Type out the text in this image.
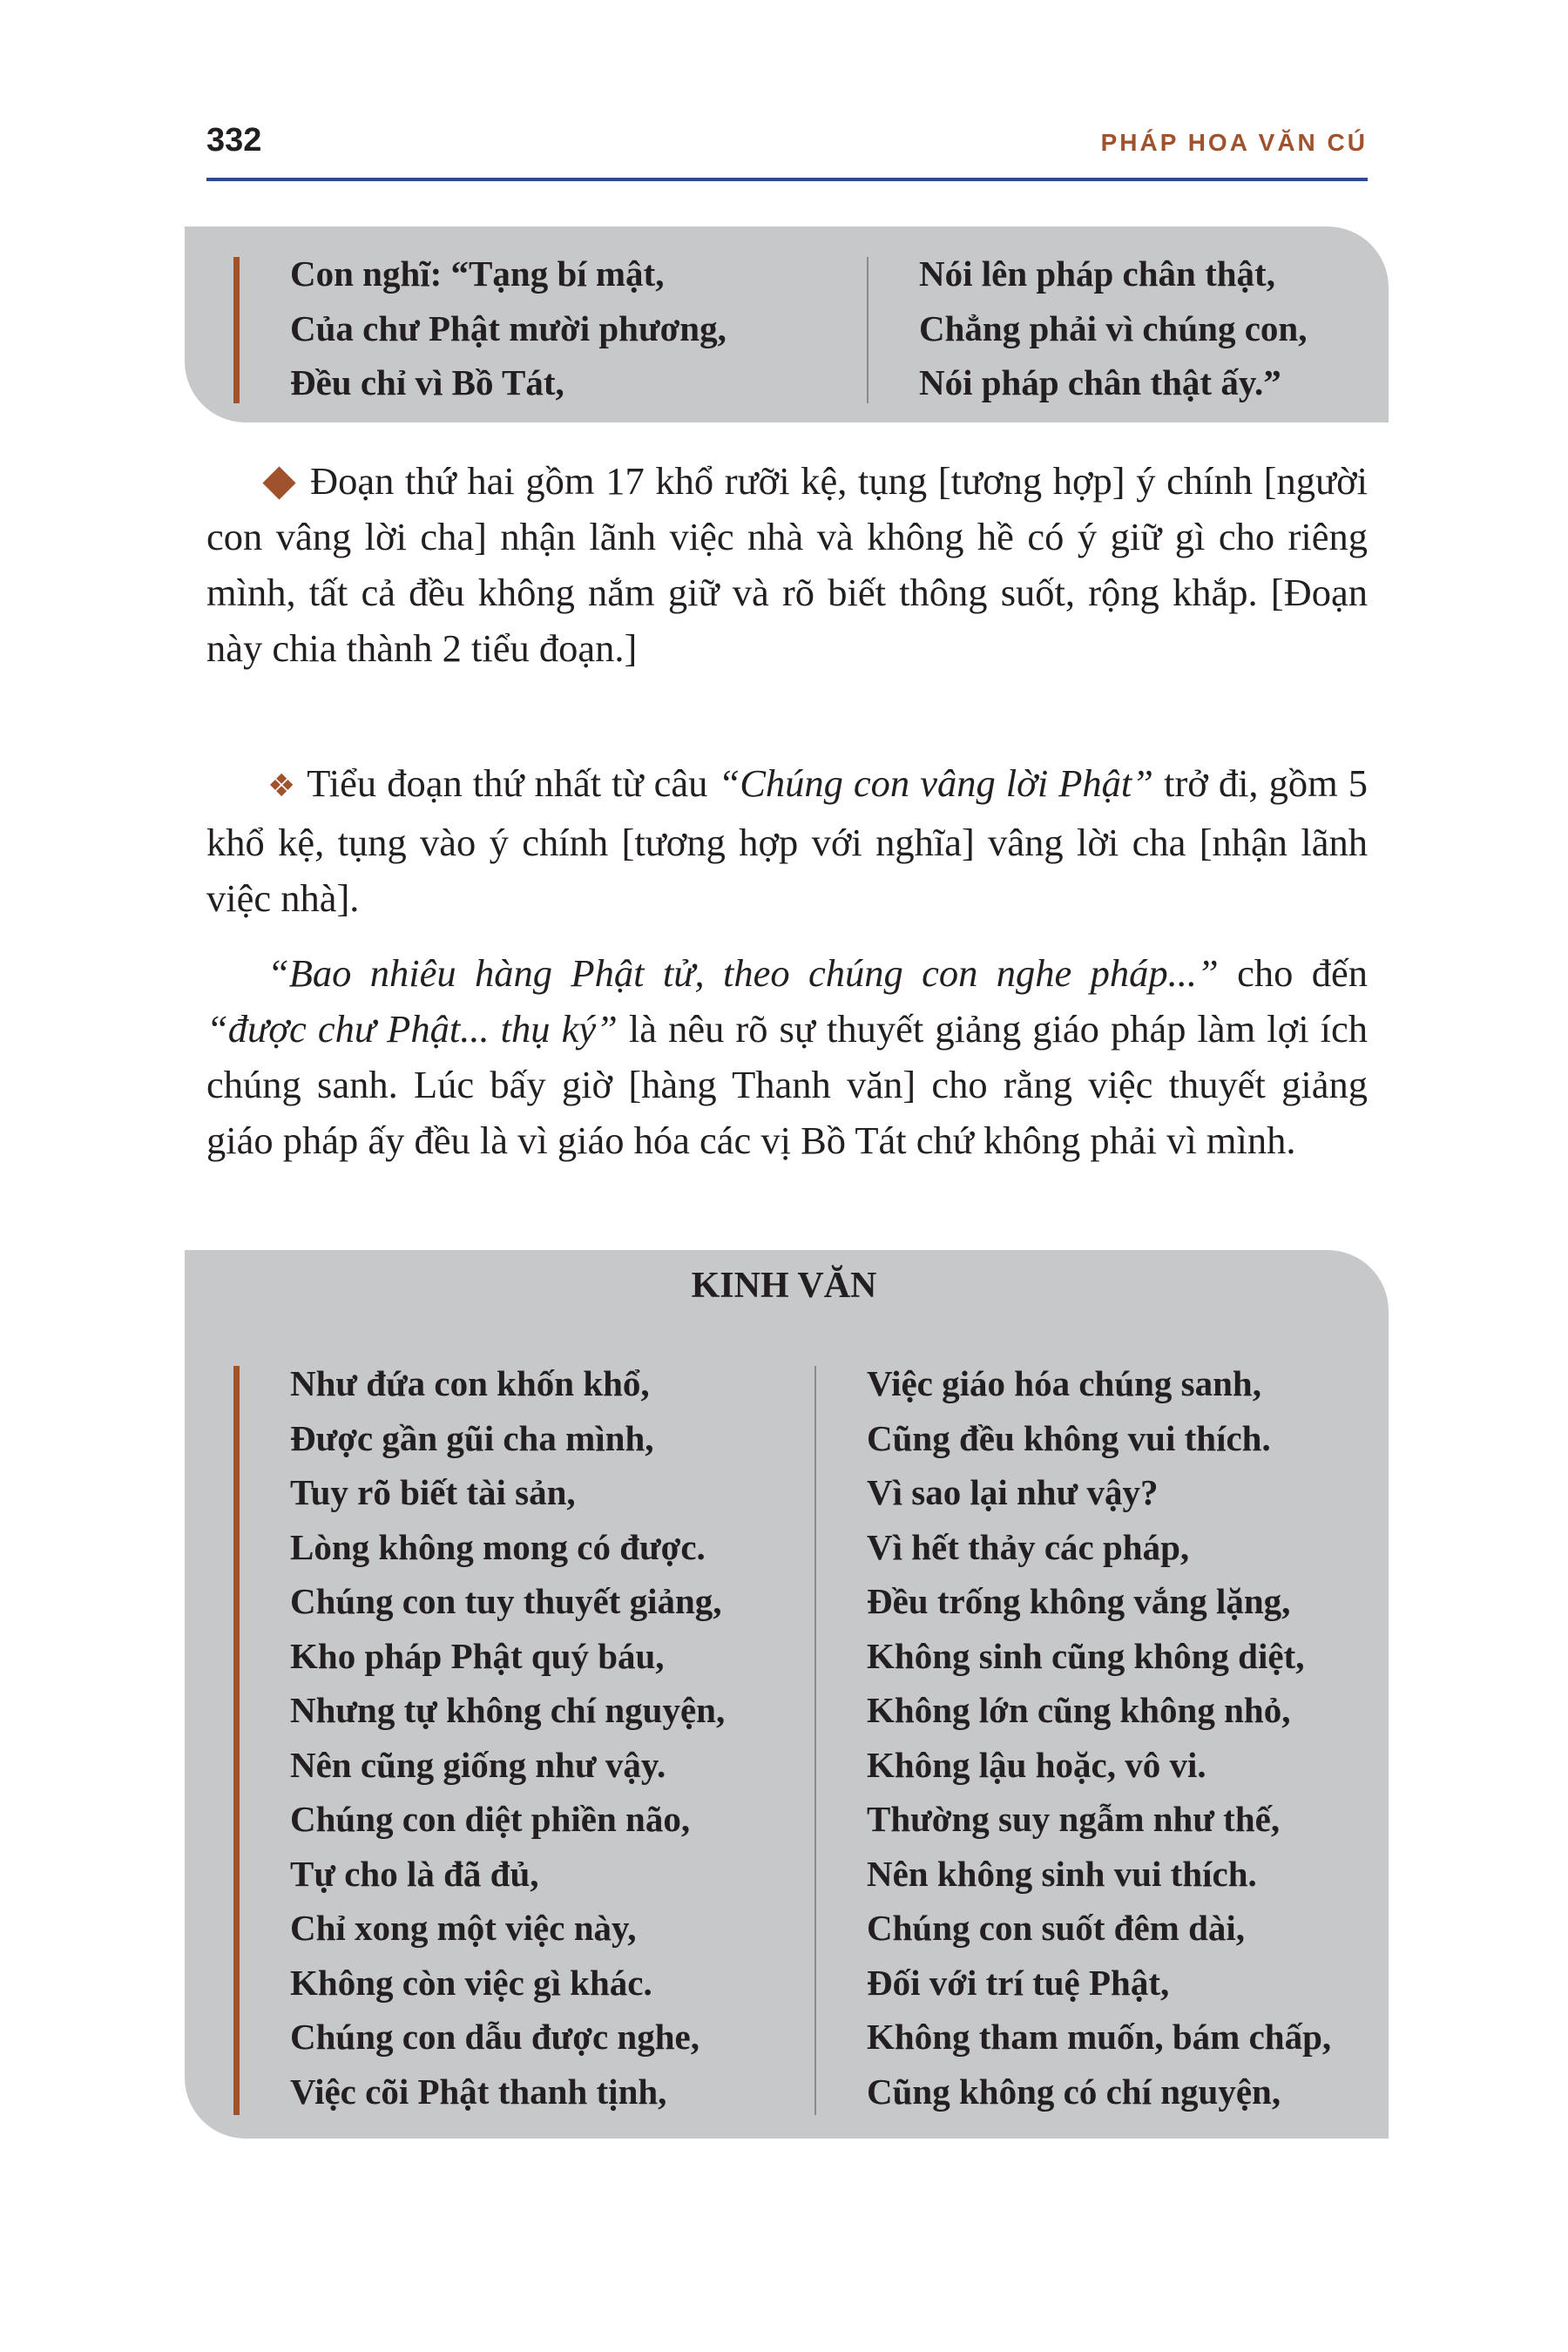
332	PHÁP HOA VĂN CÚ
Con nghĩ: “Tạng bí mật,
Của chư Phật mười phương,
Đều chỉ vì Bồ Tát,
Nói lên pháp chân thật,
Chẳng phải vì chúng con,
Nói pháp chân thật ấy.”
Đoạn thứ hai gồm 17 khổ rưỡi kệ, tụng [tương hợp] ý chính [người con vâng lời cha] nhận lãnh việc nhà và không hề có ý giữ gì cho riêng mình, tất cả đều không nắm giữ và rõ biết thông suốt, rộng khắp. [Đoạn này chia thành 2 tiểu đoạn.]
❖ Tiểu đoạn thứ nhất từ câu “Chúng con vâng lời Phật” trở đi, gồm 5 khổ kệ, tụng vào ý chính [tương hợp với nghĩa] vâng lời cha [nhận lãnh việc nhà].
“Bao nhiêu hàng Phật tử, theo chúng con nghe pháp...” cho đến “được chư Phật... thụ ký” là nêu rõ sự thuyết giảng giáo pháp làm lợi ích chúng sanh. Lúc bấy giờ [hàng Thanh văn] cho rằng việc thuyết giảng giáo pháp ấy đều là vì giáo hóa các vị Bồ Tát chứ không phải vì mình.
KINH VĂN
Như đứa con khốn khổ,
Được gần gũi cha mình,
Tuy rõ biết tài sản,
Lòng không mong có được.
Chúng con tuy thuyết giảng,
Kho pháp Phật quý báu,
Nhưng tự không chí nguyện,
Nên cũng giống như vậy.
Chúng con diệt phiền não,
Tự cho là đã đủ,
Chỉ xong một việc này,
Không còn việc gì khác.
Chúng con dẫu được nghe,
Việc cõi Phật thanh tịnh,
Việc giáo hóa chúng sanh,
Cũng đều không vui thích.
Vì sao lại như vậy?
Vì hết thảy các pháp,
Đều trống không vắng lặng,
Không sinh cũng không diệt,
Không lớn cũng không nhỏ,
Không lậu hoặc, vô vi.
Thường suy ngẫm như thế,
Nên không sinh vui thích.
Chúng con suốt đêm dài,
Đối với trí tuệ Phật,
Không tham muốn, bám chấp,
Cũng không có chí nguyện,
